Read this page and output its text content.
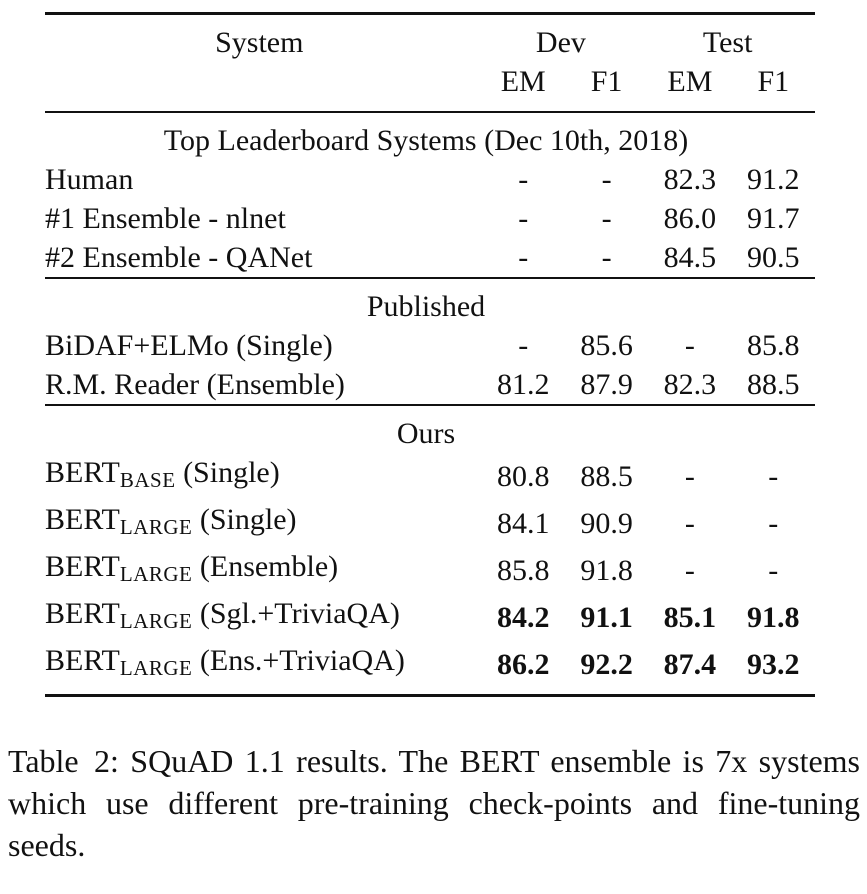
System	Dev		Test	
	EM	F1	EM	F1
Top Leaderboard Systems (Dec 10th, 2018)				
Human	-	-	82.3	91.2
#1 Ensemble - nlnet	-	-	86.0	91.7
#2 Ensemble - QANet	-	-	84.5	90.5
Published				
BiDAF+ELMo (Single)	-	85.6	-	85.8
R.M. Reader (Ensemble)	81.2	87.9	82.3	88.5
Ours				
$BERT_{BASE}$ (Single)	80.8	88.5	-	-
$BERT_{LARGE}$ (Single)	84.1	90.9	-	-
$BERT_{LARGE}$ (Ensemble)	85.8	91.8	-	-
$BERT_{LARGE}$ (Sgl.+TriviaQA)	84.2	91.1	85.1	91.8
$BERT_{LARGE}$ (Ens.+TriviaQA)	86.2	92.2	87.4	93.2
Table 2: SQuAD 1.1 results. The BERT ensemble is 7x systems which use different pre-training check-points and fine-tuning seeds.
